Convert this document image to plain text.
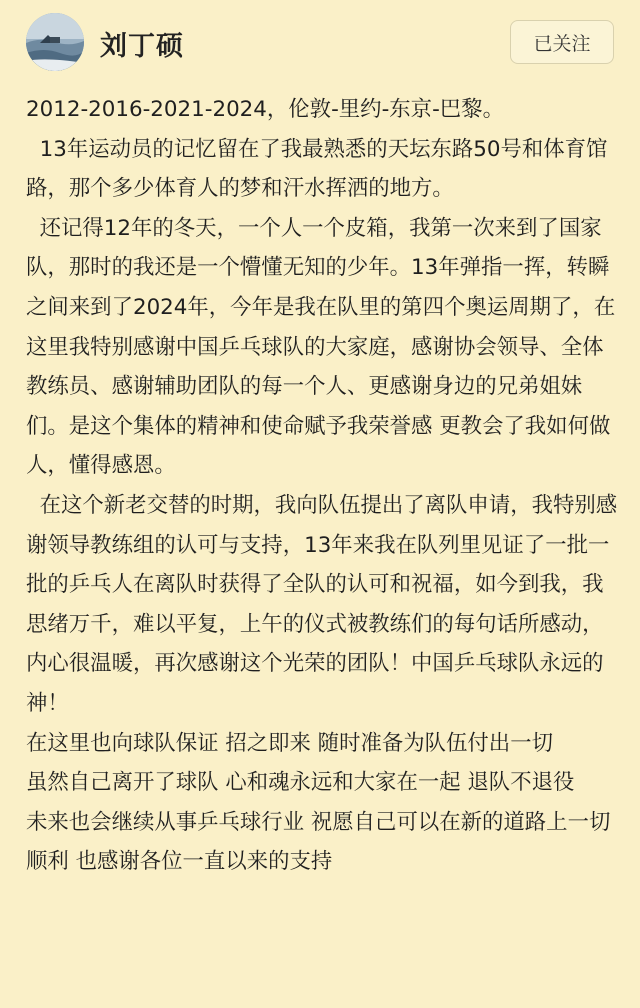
刘丁硕	已关注

2012-2016-2021-2024，伦敦-里约-东京-巴黎。

13年运动员的记忆留在了我最熟悉的天坛东路50号和体育馆路，那个多少体育人的梦和汗水挥洒的地方。

还记得12年的冬天，一个人一个皮箱，我第一次来到了国家队，那时的我还是一个懵懂无知的少年。13年弹指一挥，转瞬之间来到了2024年，今年是我在队里的第四个奥运周期了，在这里我特别感谢中国乒乓球队的大家庭，感谢协会领导、全体教练员、感谢辅助团队的每一个人、更感谢身边的兄弟姐妹们。是这个集体的精神和使命赋予我荣誉感 更教会了我如何做人，懂得感恩。

在这个新老交替的时期，我向队伍提出了离队申请，我特别感谢领导教练组的认可与支持，13年来我在队列里见证了一批一批的乒乓人在离队时获得了全队的认可和祝福，如今到我，我思绪万千，难以平复，上午的仪式被教练们的每句话所感动，内心很温暖，再次感谢这个光荣的团队！中国乒乓球队永远的神！

在这里也向球队保证 招之即来 随时准备为队伍付出一切

虽然自己离开了球队 心和魂永远和大家在一起 退队不退役

未来也会继续从事乒乓球行业 祝愿自己可以在新的道路上一切顺利 也感谢各位一直以来的支持
